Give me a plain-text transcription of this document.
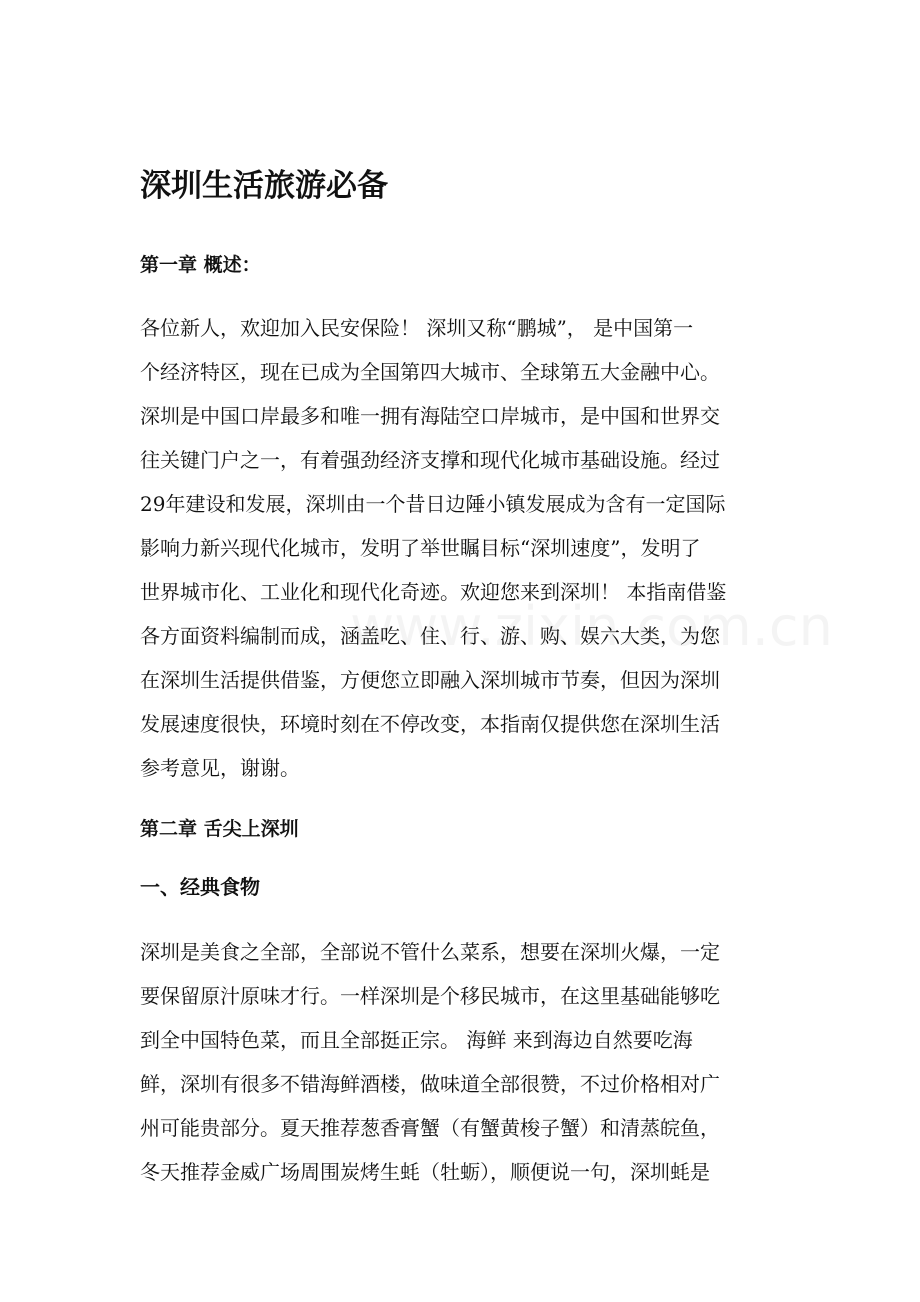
深圳生活旅游必备
第一章 概述：
各位新人，欢迎加入民安保险！ 深圳又称“鹏城”， 是中国第一
个经济特区，现在已成为全国第四大城市、全球第五大金融中心。
深圳是中国口岸最多和唯一拥有海陆空口岸城市，是中国和世界交
往关键门户之一，有着强劲经济支撑和现代化城市基础设施。经过
29年建设和发展，深圳由一个昔日边陲小镇发展成为含有一定国际
影响力新兴现代化城市，发明了举世瞩目标“深圳速度”，发明了
世界城市化、工业化和现代化奇迹。欢迎您来到深圳！ 本指南借鉴
各方面资料编制而成，涵盖吃、住、行、游、购、娱六大类，为您
在深圳生活提供借鉴，方便您立即融入深圳城市节奏，但因为深圳
发展速度很快，环境时刻在不停改变，本指南仅提供您在深圳生活
参考意见，谢谢。
第二章 舌尖上深圳
一、经典食物
深圳是美食之全部，全部说不管什么菜系，想要在深圳火爆，一定
要保留原汁原味才行。一样深圳是个移民城市，在这里基础能够吃
到全中国特色菜，而且全部挺正宗。 海鲜 来到海边自然要吃海
鲜，深圳有很多不错海鲜酒楼，做味道全部很赞，不过价格相对广
州可能贵部分。夏天推荐葱香膏蟹（有蟹黄梭子蟹）和清蒸皖鱼，
冬天推荐金威广场周围炭烤生蚝（牡蛎），顺便说一句，深圳蚝是
